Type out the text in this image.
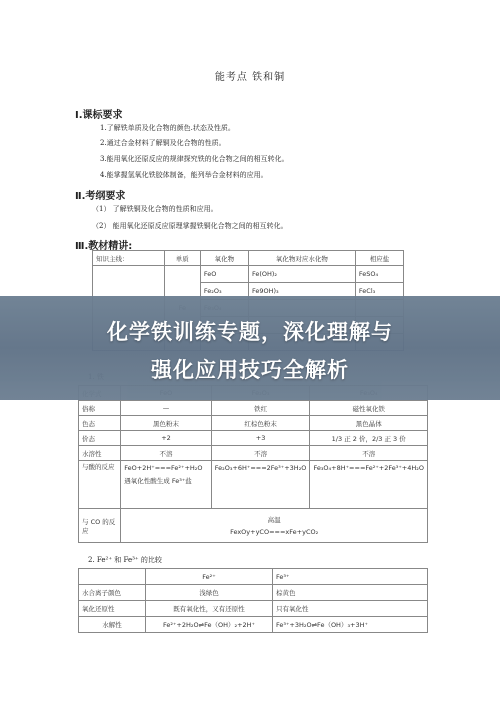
能考点 铁和铜
Ⅰ.课标要求
1.了解铁单质及化合物的颜色.状态及性质。
2.通过合金材料了解铜及化合物的性质。
3.能用氧化还原反应的规律探究铁的化合物之间的相互转化。
4.能掌握氢氧化铁胶体制备，能列举合金材料的应用。
Ⅱ.考纲要求
（1） 了解铁铜及化合物的性质和应用。
（2） 能用氧化还原反应原理掌握铁铜化合物之间的相互转化。
Ⅲ.教材精讲:
知识主线：	单质	氧化物	氧化物对应水化物	相应盐
		FeO	Fe(OH)₂	FeSO₄
		Fe₂O₃	Fe9OH)₃	FeCl₃

俗称	—	铁红	磁性氧化铁
色态	黑色粉末	红棕色粉末	黑色晶体
价态	+2	+3	1/3 正 2 价，2/3 正 3 价
水溶性	不溶	不溶	不溶
与酸的反应	FeO+2H⁺===Fe²⁺+H₂O 遇氧化性酸生成 Fe³⁺盐	Fe₂O₃+6H⁺===2Fe³⁺+3H₂O	Fe₃O₄+8H⁺===Fe²⁺+2Fe³⁺+4H₂O
与 CO 的反应	高温
FexOy+yCO===xFe+yCO₂		
2. Fe²⁺ 和 Fe³⁺ 的比较
	Fe²⁺	Fe³⁺
水合离子颜色	浅绿色	棕黄色
氧化还原性	既有氧化性，又有还原性	只有氧化性
水解性	Fe²⁺+2H₂O⇌Fe（OH）₂+2H⁺	Fe³⁺+3H₂O⇌Fe（OH）₃+3H⁺
化学铁训练专题，深化理解与
强化应用技巧全解析
